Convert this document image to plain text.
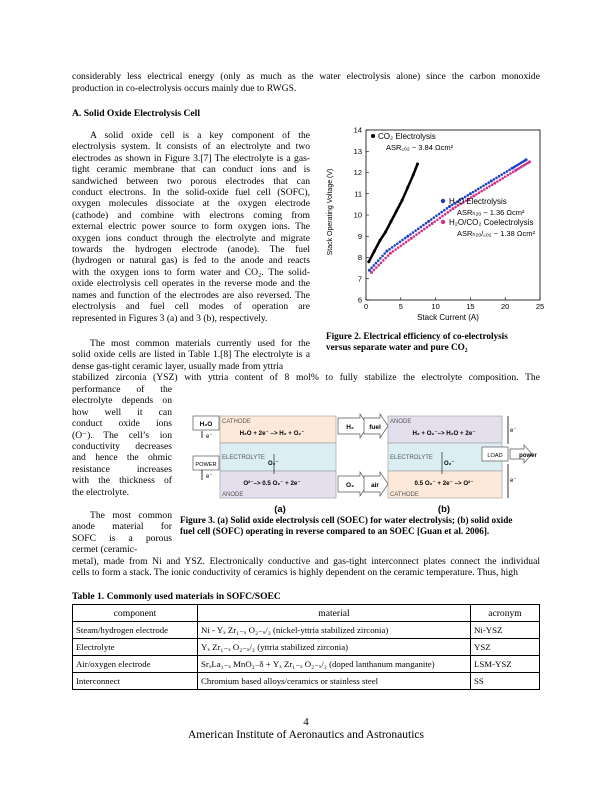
considerably less electrical energy (only as much as the water electrolysis alone) since the carbon monoxide
production in co-electrolysis occurs mainly due to RWGS.
A. Solid Oxide Electrolysis Cell
A solid oxide cell is a key component of the
electrolysis system. It consists of an electrolyte and two
electrodes as shown in Figure 3.[7] The electrolyte is a gas-
tight ceramic membrane that can conduct ions and is
sandwiched between two porous electrodes that can
conduct electrons. In the solid-oxide fuel cell (SOFC),
oxygen molecules dissociate at the oxygen electrode
(cathode) and combine with electrons coming from
external electric power source to form oxygen ions. The
oxygen ions conduct through the electrolyte and migrate
towards the hydrogen electrode (anode). The fuel
(hydrogen or natural gas) is fed to the anode and reacts
with the oxygen ions to form water and CO₂. The solid-
oxide electrolysis cell operates in the reverse mode and the
names and function of the electrodes are also reversed. The
electrolysis and fuel cell modes of operation are
represented in Figures 3 (a) and 3 (b), respectively.
The most common materials currently used for the
solid oxide cells are listed in Table 1.[8] The electrolyte is a
dense gas-tight ceramic layer, usually made from yttria
stabilized zirconia (YSZ) with yttria content of 8 mol% to fully stabilize the electrolyte composition. The
performance of the
electrolyte depends on
how well it can
conduct oxide ions
(O⁻). The cell’s ion
conductivity decreases
and hence the ohmic
resistance increases
with the thickness of
the electrolyte.
The most common
anode material for
SOFC is a porous
cermet (ceramic-
metal), made from Ni and YSZ. Electronically conductive and gas-tight interconnect plates connect the individual
cells to form a stack. The ionic conductivity of ceramics is highly dependent on the ceramic temperature. Thus, high
0	5	10	15	20	25
6
7
8
9
10
11
12
13
14
Stack Current (A)
Stack Operating Voltage (V)
CO₂ Electrolysis
ASR꜀ₒ₂ ~ 3.84 Ωcm²
H₂O Electrolysis
ASRₕ₂ₒ ~ 1.36 Ωcm²
H₂O/CO₂ Coelectrolysis
ASRₕ₂ₒ/꜀ₒ₂ ~ 1.38 Ωcm²
Figure 2. Electrical efficiency of co-electrolysis
versus separate water and pure CO₂
H₂O
POWER
e⁻
e⁻
CATHODE
H₂O + 2e⁻ –> H₂ + O₂⁻
ELECTROLYTE
O₂⁻
O²⁻–> 0.5 O₂⁻ + 2e⁻
ANODE
H₂
O₂
(a)
fuel
air
ANODE
H₂ + O₂⁻–> H₂O + 2e⁻
ELECTROLYTE
O₂⁻
0.5 O₂⁻ + 2e⁻ –> O²⁻
CATHODE
e⁻
e⁻
LOAD	power
(b)
Figure 3. (a) Solid oxide electrolysis cell (SOEC) for water electrolysis; (b) solid oxide
fuel cell (SOFC) operating in reverse compared to an SOEC [Guan et al. 2006].
Table 1. Commonly used materials in SOFC/SOEC
component	material	acronym
Steam/hydrogen electrode	Ni - Yₓ Zr₁₋ₓ O₂₋ₓ/₂ (nickel-yttria stabilized zirconia)	Ni-YSZ
Electrolyte	Yₓ Zr₁₋ₓ O₂₋ₓ/₂ (yttria stabilized zirconia)	YSZ
Air/oxygen electrode	SrₓLa₁₋ₓ MnO₃₋δ + Yₓ Zr₁₋ₓ O₂₋ₓ/₂ (doped lanthanum manganite)	LSM-YSZ
Interconnect	Chromium based alloys/ceramics or stainless steel	SS
4
American Institute of Aeronautics and Astronautics
